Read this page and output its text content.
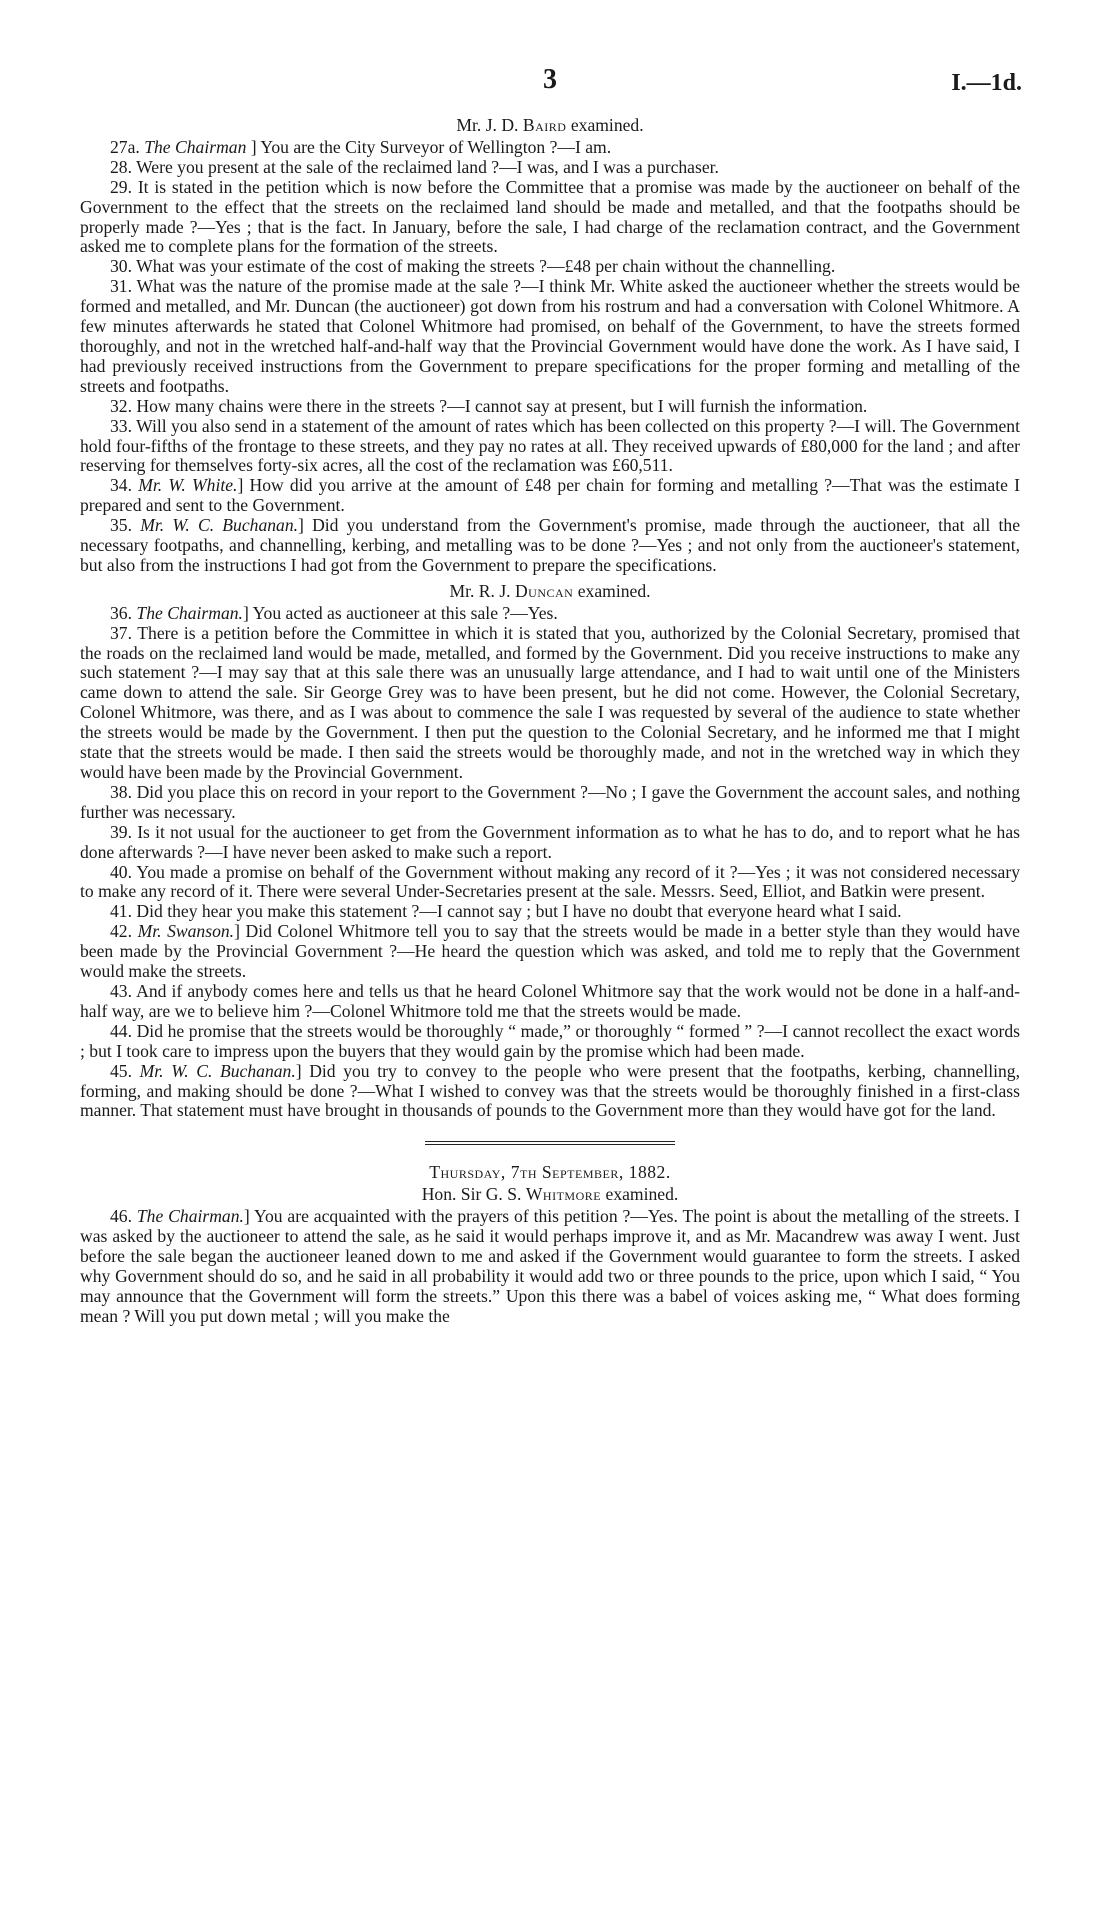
3	I.—1d.

Mr. J. D. Baird examined.

27a. The Chairman ] You are the City Surveyor of Wellington ?—I am.

28. Were you present at the sale of the reclaimed land ?—I was, and I was a purchaser.

29. It is stated in the petition which is now before the Committee that a promise was made by the auctioneer on behalf of the Government to the effect that the streets on the reclaimed land should be made and metalled, and that the footpaths should be properly made ?—Yes ; that is the fact. In January, before the sale, I had charge of the reclamation contract, and the Government asked me to complete plans for the formation of the streets.

30. What was your estimate of the cost of making the streets ?—£48 per chain without the channelling.

31. What was the nature of the promise made at the sale ?—I think Mr. White asked the auctioneer whether the streets would be formed and metalled, and Mr. Duncan (the auctioneer) got down from his rostrum and had a conversation with Colonel Whitmore. A few minutes afterwards he stated that Colonel Whitmore had promised, on behalf of the Government, to have the streets formed thoroughly, and not in the wretched half-and-half way that the Provincial Government would have done the work. As I have said, I had previously received instructions from the Government to prepare specifications for the proper forming and metalling of the streets and footpaths.

32. How many chains were there in the streets ?—I cannot say at present, but I will furnish the information.

33. Will you also send in a statement of the amount of rates which has been collected on this property ?—I will. The Government hold four-fifths of the frontage to these streets, and they pay no rates at all. They received upwards of £80,000 for the land ; and after reserving for themselves forty-six acres, all the cost of the reclamation was £60,511.

34. Mr. W. White.] How did you arrive at the amount of £48 per chain for forming and metalling ?—That was the estimate I prepared and sent to the Government.

35. Mr. W. C. Buchanan.] Did you understand from the Government's promise, made through the auctioneer, that all the necessary footpaths, and channelling, kerbing, and metalling was to be done ?—Yes ; and not only from the auctioneer's statement, but also from the instructions I had got from the Government to prepare the specifications.

Mr. R. J. Duncan examined.

36. The Chairman.] You acted as auctioneer at this sale ?—Yes.

37. There is a petition before the Committee in which it is stated that you, authorized by the Colonial Secretary, promised that the roads on the reclaimed land would be made, metalled, and formed by the Government. Did you receive instructions to make any such statement ?—I may say that at this sale there was an unusually large attendance, and I had to wait until one of the Ministers came down to attend the sale. Sir George Grey was to have been present, but he did not come. However, the Colonial Secretary, Colonel Whitmore, was there, and as I was about to commence the sale I was requested by several of the audience to state whether the streets would be made by the Government. I then put the question to the Colonial Secretary, and he informed me that I might state that the streets would be made. I then said the streets would be thoroughly made, and not in the wretched way in which they would have been made by the Provincial Government.

38. Did you place this on record in your report to the Government ?—No ; I gave the Government the account sales, and nothing further was necessary.

39. Is it not usual for the auctioneer to get from the Government information as to what he has to do, and to report what he has done afterwards ?—I have never been asked to make such a report.

40. You made a promise on behalf of the Government without making any record of it ?—Yes ; it was not considered necessary to make any record of it. There were several Under-Secretaries present at the sale. Messrs. Seed, Elliot, and Batkin were present.

41. Did they hear you make this statement ?—I cannot say ; but I have no doubt that everyone heard what I said.

42. Mr. Swanson.] Did Colonel Whitmore tell you to say that the streets would be made in a better style than they would have been made by the Provincial Government ?—He heard the question which was asked, and told me to reply that the Government would make the streets.

43. And if anybody comes here and tells us that he heard Colonel Whitmore say that the work would not be done in a half-and-half way, are we to believe him ?—Colonel Whitmore told me that the streets would be made.

44. Did he promise that the streets would be thoroughly “ made,” or thoroughly “ formed ” ?—I cannot recollect the exact words ; but I took care to impress upon the buyers that they would gain by the promise which had been made.

45. Mr. W. C. Buchanan.] Did you try to convey to the people who were present that the footpaths, kerbing, channelling, forming, and making should be done ?—What I wished to convey was that the streets would be thoroughly finished in a first-class manner. That statement must have brought in thousands of pounds to the Government more than they would have got for the land.

Thursday, 7th September, 1882.

Hon. Sir G. S. Whitmore examined.

46. The Chairman.] You are acquainted with the prayers of this petition ?—Yes. The point is about the metalling of the streets. I was asked by the auctioneer to attend the sale, as he said it would perhaps improve it, and as Mr. Macandrew was away I went. Just before the sale began the auctioneer leaned down to me and asked if the Government would guarantee to form the streets. I asked why Government should do so, and he said in all probability it would add two or three pounds to the price, upon which I said, “ You may announce that the Government will form the streets.” Upon this there was a babel of voices asking me, “ What does forming mean ? Will you put down metal ; will you make the
